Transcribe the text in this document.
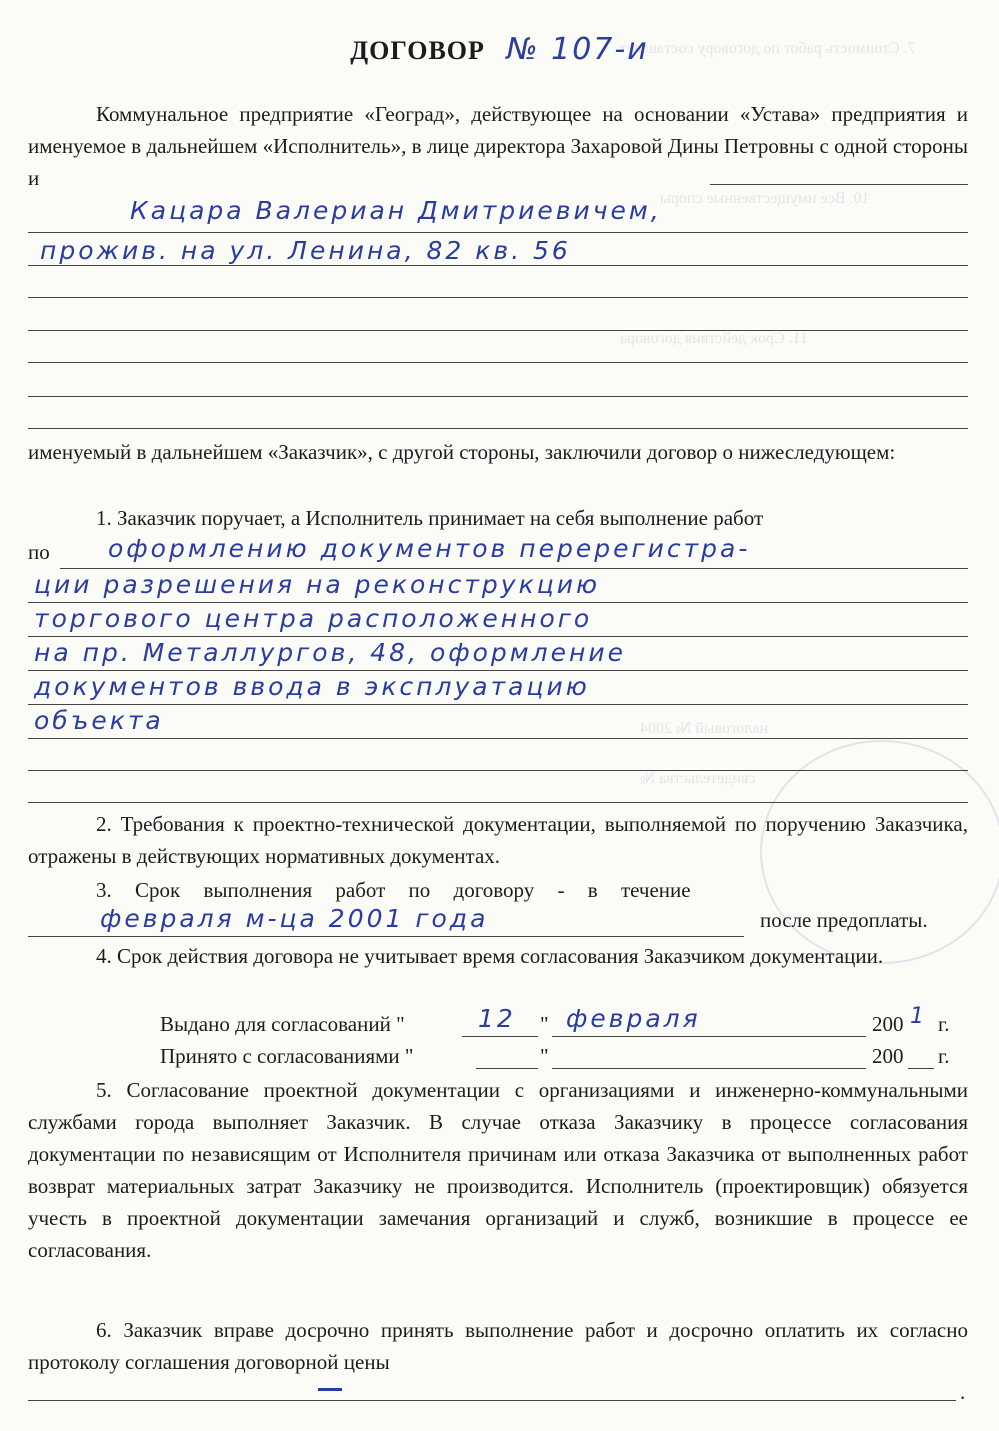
7. Стоимость работ по договору составляет
10. Все имущественные споры
11. Срок действия договора
налоговый № 2004
свидетельства №
ДОГОВОР № 107-и
Коммунальное предприятие «Геоград», действующее на основании «Устава» предприятия и именуемое в дальнейшем «Исполнитель», в лице директора Захаровой Дины Петровны с одной стороны и
Кацара Валериан Дмитриевичем,
прожив. на ул. Ленина, 82 кв. 56
именуемый в дальнейшем «Заказчик», с другой стороны, заключили договор о нижеследующем:
1. Заказчик поручает, а Исполнитель принимает на себя выполнение работ
по оформлению документов перерегистра-
ции разрешения на реконструкцию
торгового центра расположенного
на пр. Металлургов, 48, оформление
документов ввода в эксплуатацию
объекта
2. Требования к проектно-технической документации, выполняемой по поручению Заказчика, отражены в действующих нормативных документах.
3. Срок выполнения работ по договору - в течение
февраля м-ца 2001 года	после предоплаты.
4. Срок действия договора не учитывает время согласования Заказчиком документации.
Выдано для согласований "	12 " февраля	200 1 г.
Принято с согласованиями "	"	200 г.
5. Согласование проектной документации с организациями и инженерно-коммунальными службами города выполняет Заказчик. В случае отказа Заказчику в процессе согласования документации по независящим от Исполнителя причинам или отказа Заказчика от выполненных работ возврат материальных затрат Заказчику не производится. Исполнитель (проектировщик) обязуется учесть в проектной документации замечания организаций и служб, возникшие в процессе ее согласования.
6. Заказчик вправе досрочно принять выполнение работ и досрочно оплатить их согласно протоколу соглашения договорной цены
.
